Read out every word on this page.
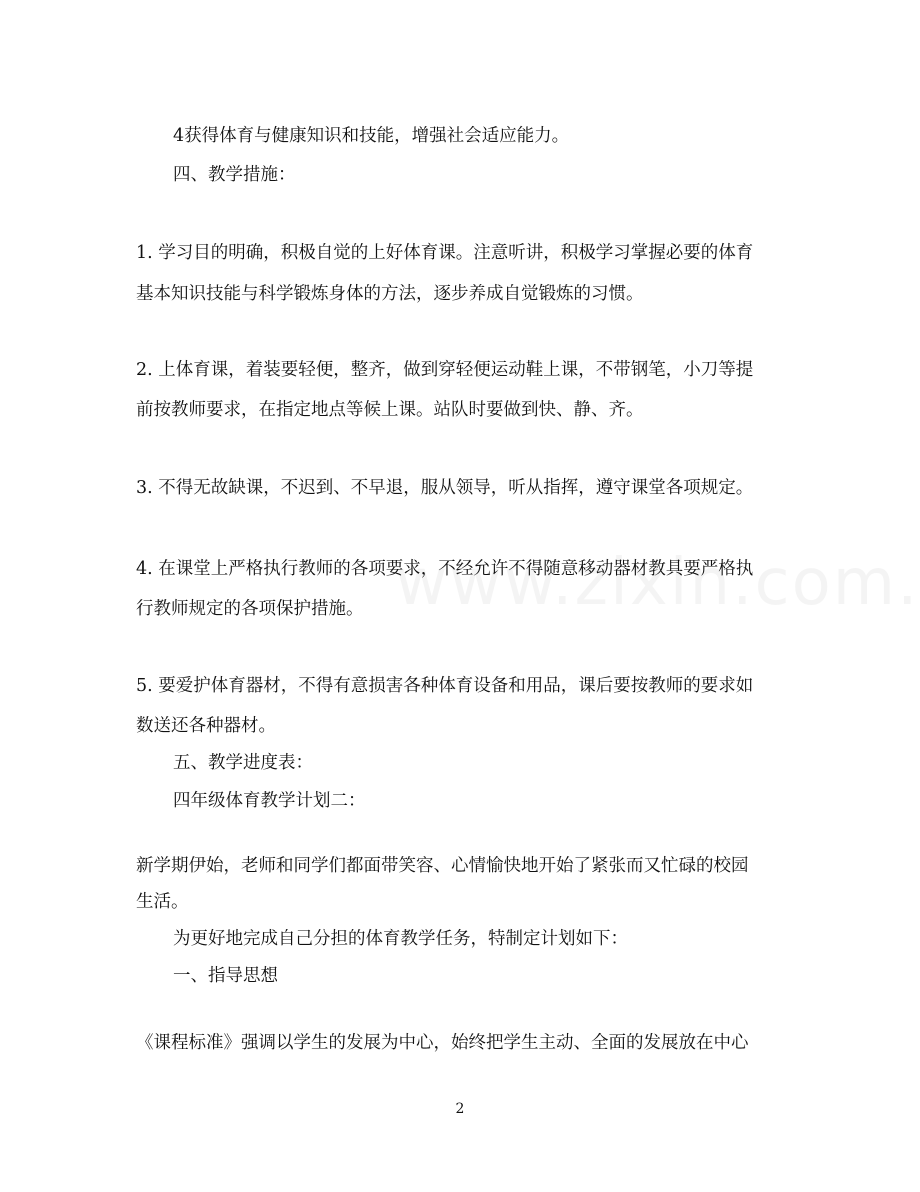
4获得体育与健康知识和技能，增强社会适应能力。
四、教学措施：
1. 学习目的明确，积极自觉的上好体育课。注意听讲，积极学习掌握必要的体育
基本知识技能与科学锻炼身体的方法，逐步养成自觉锻炼的习惯。
2. 上体育课，着装要轻便，整齐，做到穿轻便运动鞋上课，不带钢笔，小刀等提
前按教师要求，在指定地点等候上课。站队时要做到快、静、齐。
3. 不得无故缺课，不迟到、不早退，服从领导，听从指挥，遵守课堂各项规定。
4. 在课堂上严格执行教师的各项要求，不经允许不得随意移动器材教具要严格执
行教师规定的各项保护措施。
5. 要爱护体育器材，不得有意损害各种体育设备和用品，课后要按教师的要求如
数送还各种器材。
五、教学进度表：
四年级体育教学计划二：
新学期伊始，老师和同学们都面带笑容、心情愉快地开始了紧张而又忙碌的校园
生活。
为更好地完成自己分担的体育教学任务，特制定计划如下：
一、指导思想
《课程标准》强调以学生的发展为中心，始终把学生主动、全面的发展放在中心
2
